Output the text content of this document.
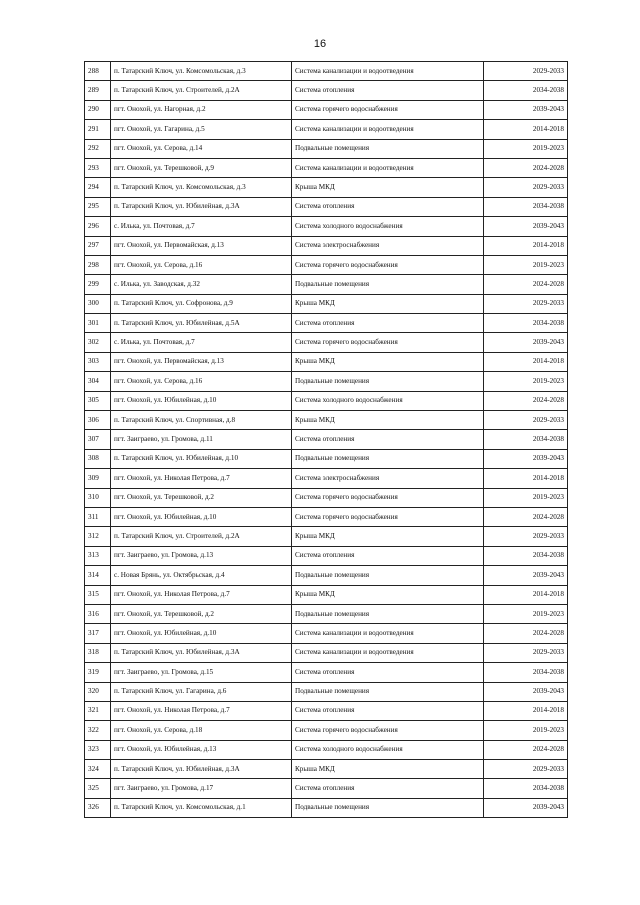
16
288	п. Татарский Ключ, ул. Комсомольская, д.3	Система канализации и водоотведения	2029-2033
289	п. Татарский Ключ, ул. Строителей, д.2А	Система отопления	2034-2038
290	пгт. Онохой, ул. Нагорная, д.2	Система горячего водоснабжения	2039-2043
291	пгт. Онохой, ул. Гагарина, д.5	Система канализации и водоотведения	2014-2018
292	пгт. Онохой, ул. Серова, д.14	Подвальные помещения	2019-2023
293	пгт. Онохой, ул. Терешковой, д.9	Система канализации и водоотведения	2024-2028
294	п. Татарский Ключ, ул. Комсомольская, д.3	Крыша МКД	2029-2033
295	п. Татарский Ключ, ул. Юбилейная, д.3А	Система отопления	2034-2038
296	с. Илька, ул. Почтовая, д.7	Система холодного водоснабжения	2039-2043
297	пгт. Онохой, ул. Первомайская, д.13	Система электроснабжения	2014-2018
298	пгт. Онохой, ул. Серова, д.16	Система горячего водоснабжения	2019-2023
299	с. Илька, ул. Заводская, д.32	Подвальные помещения	2024-2028
300	п. Татарский Ключ, ул. Софронова, д.9	Крыша МКД	2029-2033
301	п. Татарский Ключ, ул. Юбилейная, д.5А	Система отопления	2034-2038
302	с. Илька, ул. Почтовая, д.7	Система горячего водоснабжения	2039-2043
303	пгт. Онохой, ул. Первомайская, д.13	Крыша МКД	2014-2018
304	пгт. Онохой, ул. Серова, д.16	Подвальные помещения	2019-2023
305	пгт. Онохой, ул. Юбилейная, д.10	Система холодного водоснабжения	2024-2028
306	п. Татарский Ключ, ул. Спортивная, д.8	Крыша МКД	2029-2033
307	пгт. Заиграево, ул. Громова, д.11	Система отопления	2034-2038
308	п. Татарский Ключ, ул. Юбилейная, д.10	Подвальные помещения	2039-2043
309	пгт. Онохой, ул. Николая Петрова, д.7	Система электроснабжения	2014-2018
310	пгт. Онохой, ул. Терешковой, д.2	Система горячего водоснабжения	2019-2023
311	пгт. Онохой, ул. Юбилейная, д.10	Система горячего водоснабжения	2024-2028
312	п. Татарский Ключ, ул. Строителей, д.2А	Крыша МКД	2029-2033
313	пгт. Заиграево, ул. Громова, д.13	Система отопления	2034-2038
314	с. Новая Брянь, ул. Октябрьская, д.4	Подвальные помещения	2039-2043
315	пгт. Онохой, ул. Николая Петрова, д.7	Крыша МКД	2014-2018
316	пгт. Онохой, ул. Терешковой, д.2	Подвальные помещения	2019-2023
317	пгт. Онохой, ул. Юбилейная, д.10	Система канализации и водоотведения	2024-2028
318	п. Татарский Ключ, ул. Юбилейная, д.3А	Система канализации и водоотведения	2029-2033
319	пгт. Заиграево, ул. Громова, д.15	Система отопления	2034-2038
320	п. Татарский Ключ, ул. Гагарина, д.6	Подвальные помещения	2039-2043
321	пгт. Онохой, ул. Николая Петрова, д.7	Система отопления	2014-2018
322	пгт. Онохой, ул. Серова, д.18	Система горячего водоснабжения	2019-2023
323	пгт. Онохой, ул. Юбилейная, д.13	Система холодного водоснабжения	2024-2028
324	п. Татарский Ключ, ул. Юбилейная, д.3А	Крыша МКД	2029-2033
325	пгт. Заиграево, ул. Громова, д.17	Система отопления	2034-2038
326	п. Татарский Ключ, ул. Комсомольская, д.1	Подвальные помещения	2039-2043
